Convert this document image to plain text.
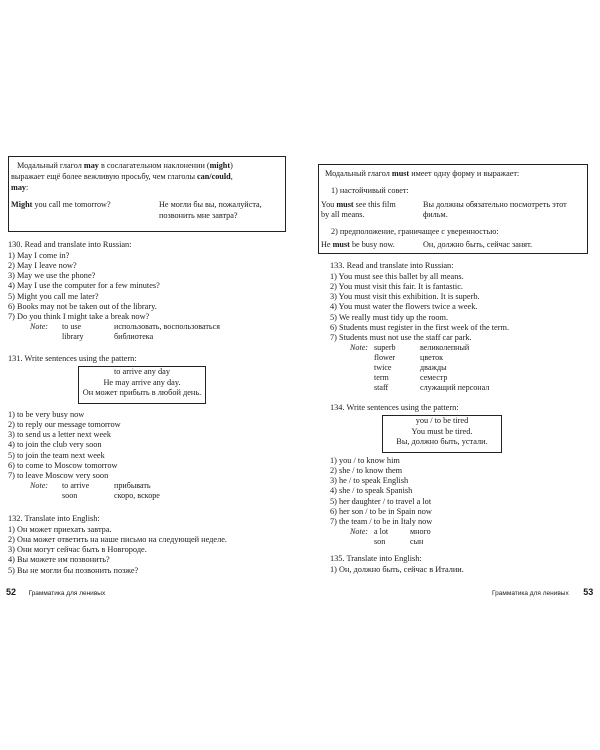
Модальный глагол may в сослагательном наклонении (might)
выражает ещё более вежливую просьбу, чем глаголы can/could,
may:
Might you call me tomorrow?	Не могли бы вы, пожалуйста,
позвонить мне завтра?
130. Read and translate into Russian:
1) May I come in?
2) May I leave now?
3) May we use the phone?
4) May I use the computer for a few minutes?
5) Might you call me later?
6) Books may not be taken out of the library.
7) Do you think I might take a break now?
Note: to use	использовать, воспользоваться
library	библиотека
131. Write sentences using the pattern:
to arrive any day
He may arrive any day.
Он может прибыть в любой день.
1) to be very busy now
2) to reply our message tomorrow
3) to send us a letter next week
4) to join the club very soon
5) to join the team next week
6) to come to Moscow tomorrow
7) to leave Moscow very soon
Note: to arrive	прибывать
soon	скоро, вскоре
132. Translate into English:
1) Он может приехать завтра.
2) Она может ответить на наше письмо на следующей неделе.
3) Они могут сейчас быть в Новгороде.
4) Вы можете им позвонить?
5) Вы не могли бы позвонить позже?
52 Грамматика для ленивых
Модальный глагол must имеет одну форму и выражает:
1) настойчивый совет:
You must see this film
by all means.
Вы должны обязательно посмотреть этот
фильм.
2) предположение, граничащее с уверенностью:
He must be busy now.	Он, должно быть, сейчас занят.
133. Read and translate into Russian:
1) You must see this ballet by all means.
2) You must visit this fair. It is fantastic.
3) You must visit this exhibition. It is superb.
4) You must water the flowers twice a week.
5) We really must tidy up the room.
6) Students must register in the first week of the term.
7) Students must not use the staff car park.
Note: superb	великолепный
flower	цветок
twice	дважды
term	семестр
staff	служащий персонал
134. Write sentences using the pattern:
you / to be tired
You must be tired.
Вы, должно быть, устали.
1) you / to know him
2) she / to know them
3) he / to speak English
4) she / to speak Spanish
5) her daughter / to travel a lot
6) her son / to be in Spain now
7) the team / to be in Italy now
Note: a lot	много
son	сын
135. Translate into English:
1) Он, должно быть, сейчас в Италии.
Грамматика для ленивых 53
